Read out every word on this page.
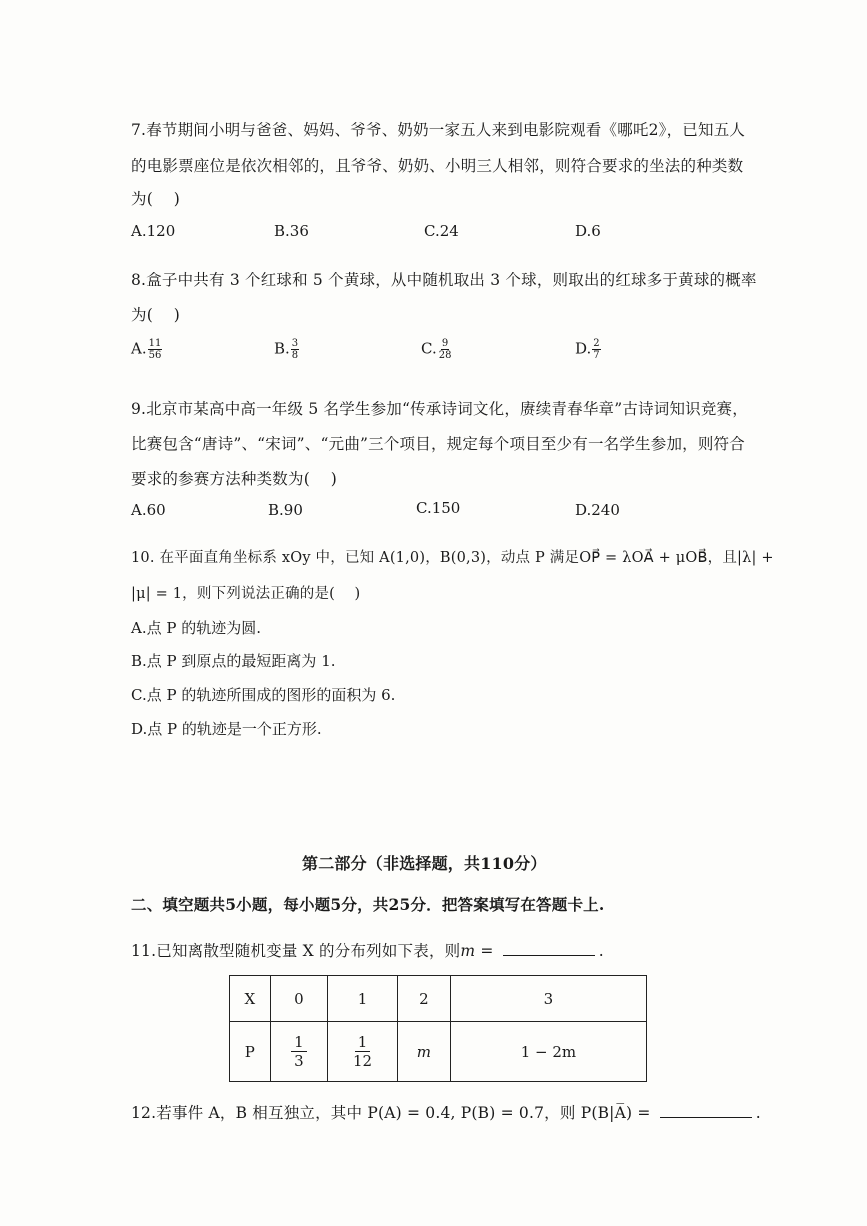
7.春节期间小明与爸爸、妈妈、爷爷、奶奶一家五人来到电影院观看《哪吒2》，已知五人
的电影票座位是依次相邻的，且爷爷、奶奶、小明三人相邻，则符合要求的坐法的种类数
为(　 )
A.120	B.36	C.24	D.6
8.盒子中共有 3 个红球和 5 个黄球，从中随机取出 3 个球，则取出的红球多于黄球的概率
为(　 )
A. $\frac{11}{56}$	B. $\frac{3}{8}$	C. $\frac{9}{28}$	D. $\frac{2}{7}$
9.北京市某高中高一年级 5 名学生参加“传承诗词文化，赓续青春华章”古诗词知识竞赛，
比赛包含“唐诗”、“宋词”、“元曲”三个项目，规定每个项目至少有一名学生参加，则符合
要求的参赛方法种类数为(　 )
A.60	B.90	C.150	D.240
10. 在平面直角坐标系 xOy 中，已知 A(1,0)，B(0,3)，动点 P 满足OP⃗ = λOA⃗ + μOB⃗，且|λ| +
|μ| = 1，则下列说法正确的是(　 )
A.点 P 的轨迹为圆.
B.点 P 到原点的最短距离为 1.
C.点 P 的轨迹所围成的图形的面积为 6.
D.点 P 的轨迹是一个正方形.
第二部分（非选择题，共110分）
二、填空题共5小题，每小题5分，共25分．把答案填写在答题卡上.
11.已知离散型随机变量 X 的分布列如下表，则m =	.
X	0	1	2	3
P	$\frac{1}{3}$	$\frac{1}{12}$	m	1 − 2m
12.若事件 A，B 相互独立，其中 P(A) = 0.4, P(B) = 0.7，则 P(B|A̅) =	.
